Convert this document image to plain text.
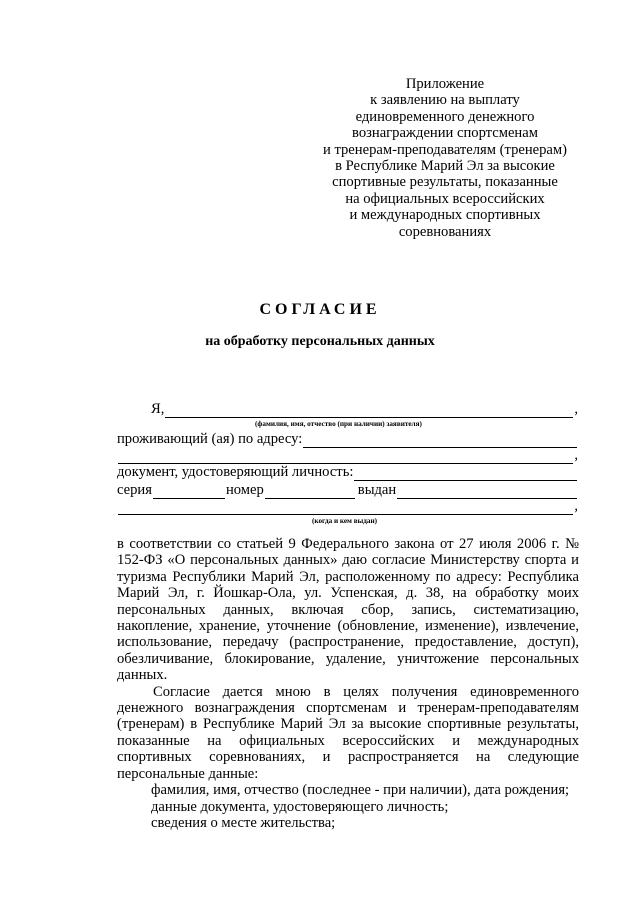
Приложение
к заявлению на выплату
единовременного денежного
вознаграждении спортсменам
и тренерам-преподавателям (тренерам)
в Республике Марий Эл за высокие
спортивные результаты, показанные
на официальных всероссийских
и международных спортивных
соревнованиях
СОГЛАСИЕ
на обработку персональных данных
Я,	,
(фамилия, имя, отчество (при наличии) заявителя)
проживающий (ая) по адресу:
,
документ, удостоверяющий личность:
серия	номер	выдан
,
(когда и кем выдан)

в соответствии со статьей 9 Федерального закона от 27 июля 2006 г. № 152-ФЗ «О персональных данных» даю согласие Министерству спорта и туризма Республики Марий Эл, расположенному по адресу: Республика Марий Эл, г. Йошкар-Ола, ул. Успенская, д. 38, на обработку моих персональных данных, включая сбор, запись, систематизацию, накопление, хранение, уточнение (обновление, изменение), извлечение, использование, передачу (распространение, предоставление, доступ), обезличивание, блокирование, удаление, уничтожение персональных данных.

Согласие дается мною в целях получения единовременного денежного вознаграждения спортсменам и тренерам-преподавателям (тренерам) в Республике Марий Эл за высокие спортивные результаты, показанные на официальных всероссийских и международных спортивных соревнованиях, и распространяется на следующие персональные данные:

фамилия, имя, отчество (последнее - при наличии), дата рождения;

данные документа, удостоверяющего личность;

сведения о месте жительства;
